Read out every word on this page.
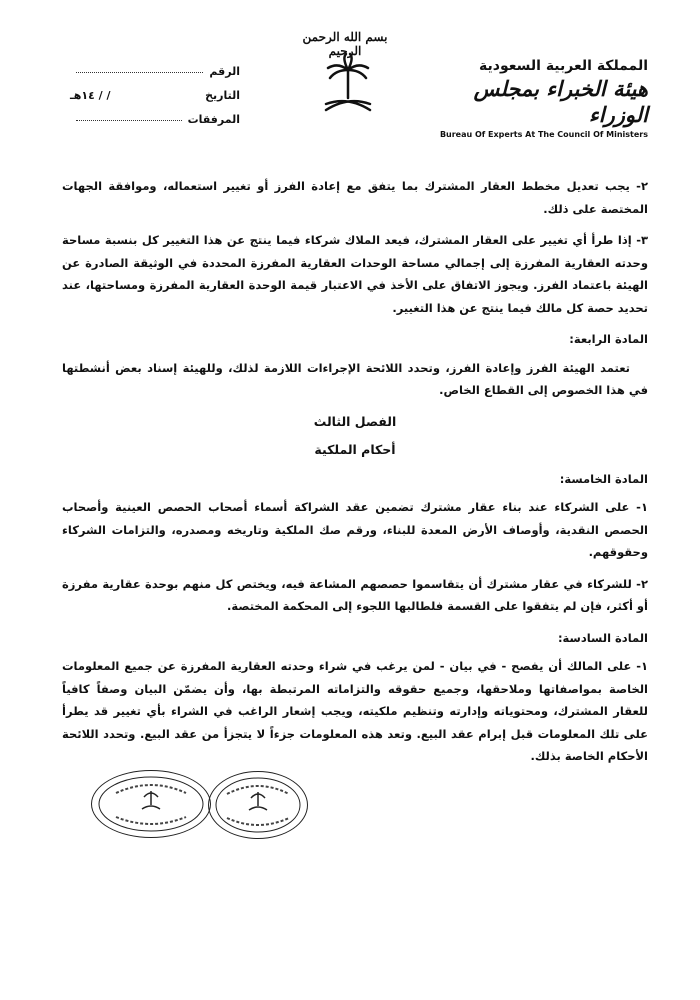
بسم الله الرحمن الرحيم
الرقم
التاريخ
/ / ١٤هـ
المرفقات
المملكة العربية السعودية
هيئة الخبراء بمجلس الوزراء
Bureau Of Experts At The Council Of Ministers

٢- يجب تعديل مخطط العقار المشترك بما يتفق مع إعادة الفرز أو تغيير استعماله، وموافقة الجهات المختصة على ذلك.

٣- إذا طرأ أي تغيير على العقار المشترك، فيعد الملاك شركاء فيما ينتج عن هذا التغيير كل بنسبة مساحة وحدته العقارية المفرزة إلى إجمالي مساحة الوحدات العقارية المفرزة المحددة في الوثيقة الصادرة عن الهيئة باعتماد الفرز. ويجوز الاتفاق على الأخذ في الاعتبار قيمة الوحدة العقارية المفرزة ومساحتها، عند تحديد حصة كل مالك فيما ينتج عن هذا التغيير.

المادة الرابعة:

تعتمد الهيئة الفرز وإعادة الفرز، وتحدد اللائحة الإجراءات اللازمة لذلك، وللهيئة إسناد بعض أنشطتها في هذا الخصوص إلى القطاع الخاص.

الفصل الثالث
أحكام الملكية
المادة الخامسة:

١- على الشركاء عند بناء عقار مشترك تضمين عقد الشراكة أسماء أصحاب الحصص العينية وأصحاب الحصص النقدية، وأوصاف الأرض المعدة للبناء، ورقم صك الملكية وتاريخه ومصدره، والتزامات الشركاء وحقوقهم.

٢- للشركاء في عقار مشترك أن يتقاسموا حصصهم المشاعة فيه، ويختص كل منهم بوحدة عقارية مفرزة أو أكثر، فإن لم يتفقوا على القسمة فلطالبها اللجوء إلى المحكمة المختصة.

المادة السادسة:

١- على المالك أن يفصح - في بيان - لمن يرغب في شراء وحدته العقارية المفرزة عن جميع المعلومات الخاصة بمواصفاتها وملاحقها، وجميع حقوقه والتزاماته المرتبطة بها، وأن يضمّن البيان وصفاً كافياً للعقار المشترك، ومحتوياته وإدارته وتنظيم ملكيته، ويجب إشعار الراغب في الشراء بأي تغيير قد يطرأ على تلك المعلومات قبل إبرام عقد البيع. وتعد هذه المعلومات جزءاً لا يتجزأ من عقد البيع. وتحدد اللائحة الأحكام الخاصة بذلك.
